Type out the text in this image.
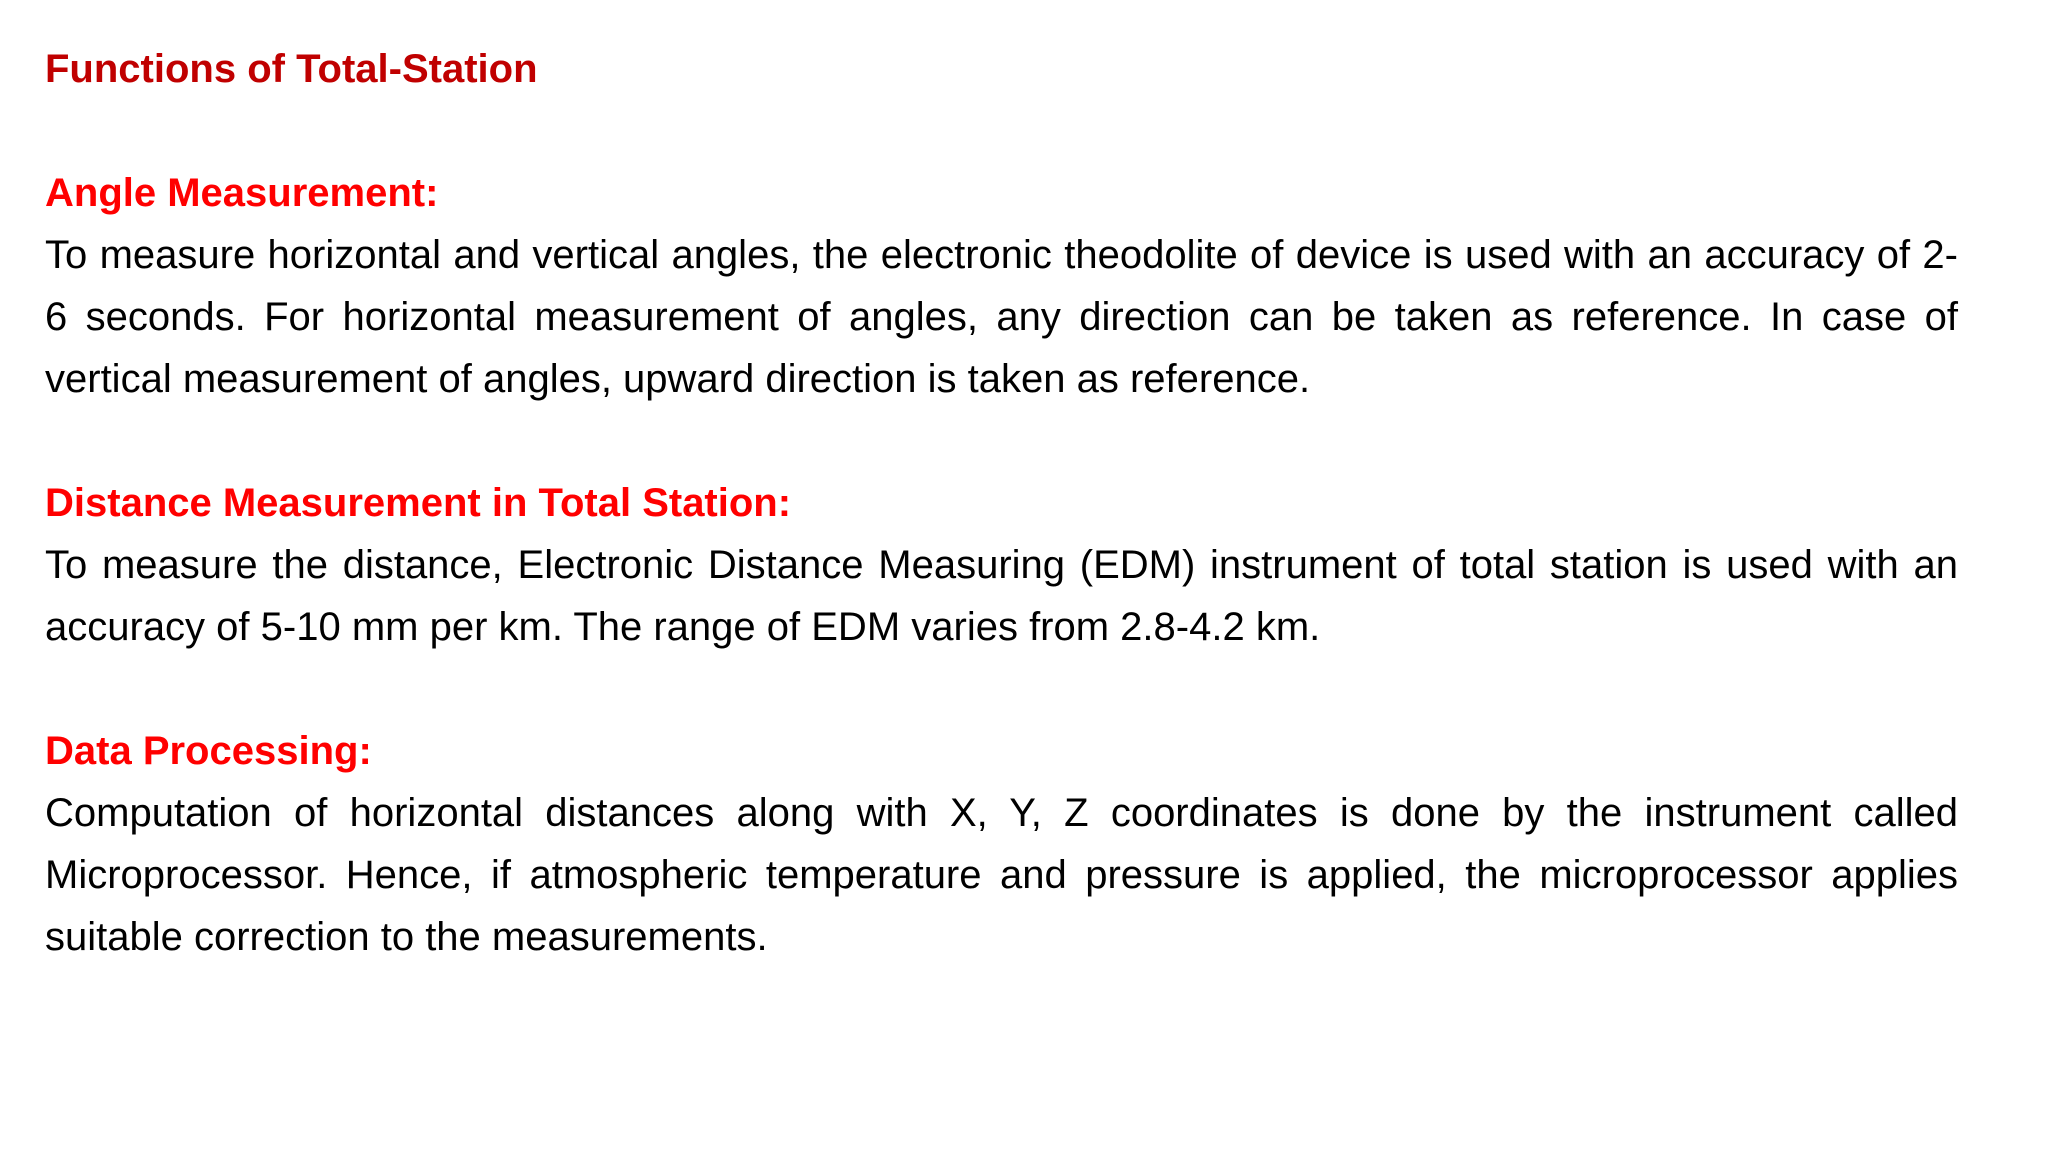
Functions of Total-Station
Angle Measurement:

To measure horizontal and vertical angles, the electronic theodolite of device is used with an accuracy of 2-6 seconds. For horizontal measurement of angles, any direction can be taken as reference. In case of vertical measurement of angles, upward direction is taken as reference.

Distance Measurement in Total Station:

To measure the distance, Electronic Distance Measuring (EDM) instrument of total station is used with an accuracy of 5-10 mm per km. The range of EDM varies from 2.8-4.2 km.

Data Processing:

Computation of horizontal distances along with X, Y, Z coordinates is done by the instrument called Microprocessor. Hence, if atmospheric temperature and pressure is applied, the microprocessor applies suitable correction to the measurements.
